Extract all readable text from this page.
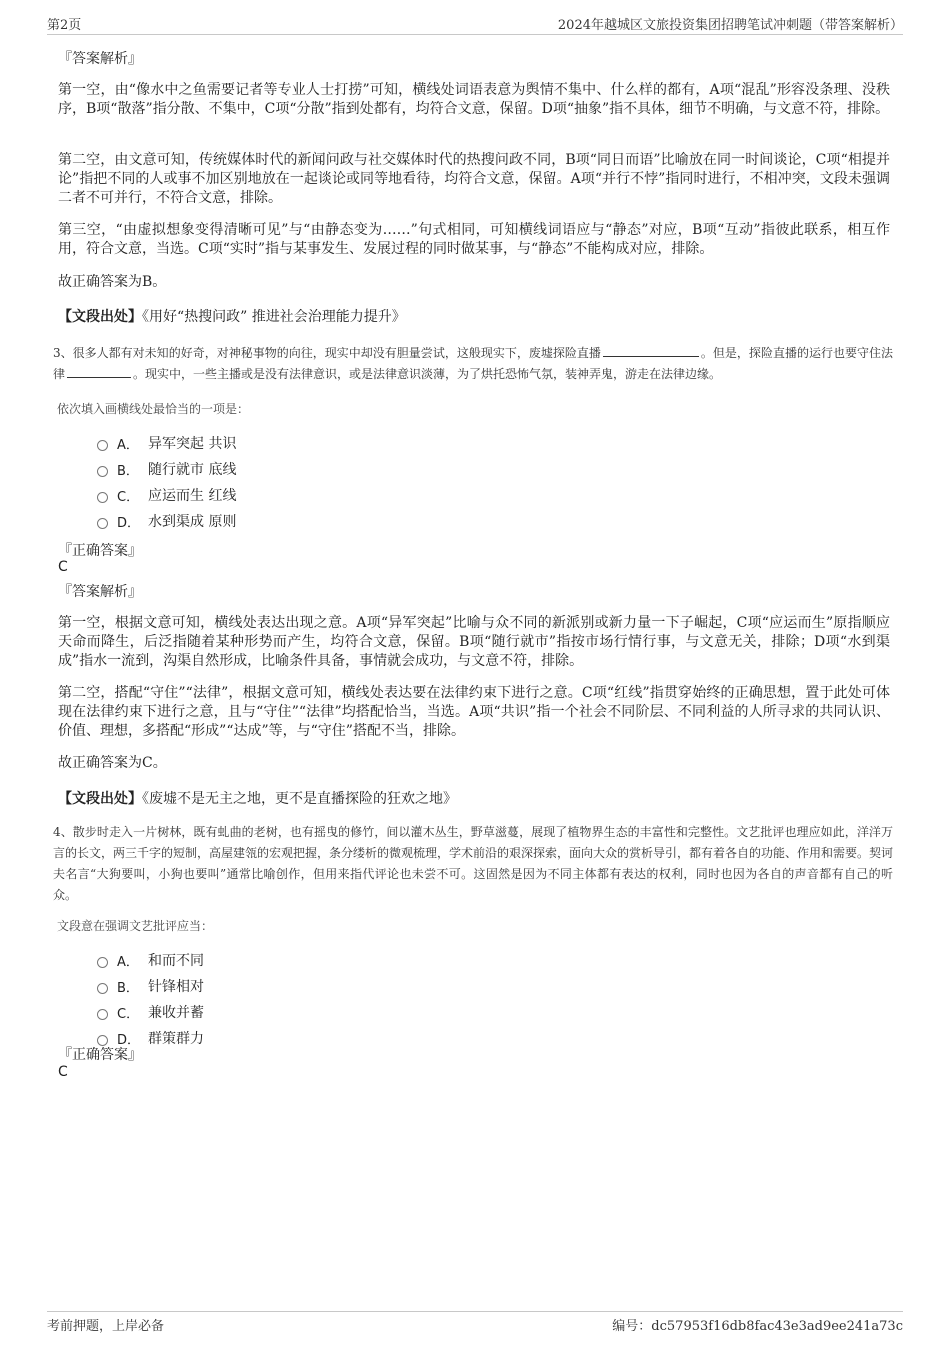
第2页	2024年越城区文旅投资集团招聘笔试冲刺题（带答案解析）
『答案解析』
第一空，由“像水中之鱼需要记者等专业人士打捞”可知，横线处词语表意为舆情不集中、什么样的都有，A项“混乱”形容没条理、没秩序，B项“散落”指分散、不集中，C项“分散”指到处都有，均符合文意，保留。D项“抽象”指不具体，细节不明确，与文意不符，排除。
第二空，由文意可知，传统媒体时代的新闻问政与社交媒体时代的热搜问政不同，B项“同日而语”比喻放在同一时间谈论，C项“相提并论”指把不同的人或事不加区别地放在一起谈论或同等地看待，均符合文意，保留。A项“并行不悖”指同时进行，不相冲突，文段未强调二者不可并行，不符合文意，排除。
第三空，“由虚拟想象变得清晰可见”与“由静态变为……”句式相同，可知横线词语应与“静态”对应，B项“互动”指彼此联系，相互作用，符合文意，当选。C项“实时”指与某事发生、发展过程的同时做某事，与“静态”不能构成对应，排除。
故正确答案为B。
【文段出处】《用好“热搜问政” 推进社会治理能力提升》
3、很多人都有对未知的好奇，对神秘事物的向往，现实中却没有胆量尝试，这般现实下，废墟探险直播	。但是，探险直播的运行也要守住法律	。现实中，一些主播或是没有法律意识，或是法律意识淡薄，为了烘托恐怖气氛，装神弄鬼，游走在法律边缘。
依次填入画横线处最恰当的一项是：
A． 异军突起 共识
B． 随行就市 底线
C． 应运而生 红线
D． 水到渠成 原则
『正确答案』
C
『答案解析』
第一空，根据文意可知，横线处表达出现之意。A项“异军突起”比喻与众不同的新派别或新力量一下子崛起，C项“应运而生”原指顺应天命而降生，后泛指随着某种形势而产生，均符合文意，保留。B项“随行就市”指按市场行情行事，与文意无关，排除；D项“水到渠成”指水一流到，沟渠自然形成，比喻条件具备，事情就会成功，与文意不符，排除。
第二空，搭配“守住”“法律”，根据文意可知，横线处表达要在法律约束下进行之意。C项“红线”指贯穿始终的正确思想，置于此处可体现在法律约束下进行之意，且与“守住”“法律”均搭配恰当，当选。A项“共识”指一个社会不同阶层、不同利益的人所寻求的共同认识、价值、理想，多搭配“形成”“达成”等，与“守住”搭配不当，排除。
故正确答案为C。
【文段出处】《废墟不是无主之地，更不是直播探险的狂欢之地》
4、散步时走入一片树林，既有虬曲的老树，也有摇曳的修竹，间以灌木丛生，野草滋蔓，展现了植物界生态的丰富性和完整性。文艺批评也理应如此，洋洋万言的长文，两三千字的短制，高屋建瓴的宏观把握，条分缕析的微观梳理，学术前沿的艰深探索，面向大众的赏析导引，都有着各自的功能、作用和需要。契诃夫名言“大狗要叫，小狗也要叫”通常比喻创作，但用来指代评论也未尝不可。这固然是因为不同主体都有表达的权利，同时也因为各自的声音都有自己的听众。
文段意在强调文艺批评应当：
A． 和而不同
B． 针锋相对
C． 兼收并蓄
D． 群策群力
『正确答案』
C
考前押题，上岸必备	编号：dc57953f16db8fac43e3ad9ee241a73c
